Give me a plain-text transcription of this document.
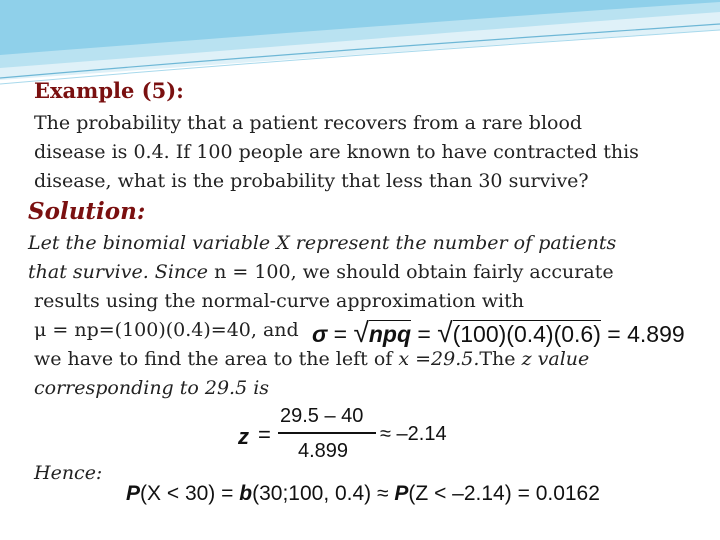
Example (5):
The probability that a patient recovers from a rare blood
disease is 0.4. If 100 people are known to have contracted this
disease, what is the probability that less than 30 survive?
Solution:
Let the binomial variable X represent the number of patients
that survive. Since n = 100, we should obtain fairly accurate
results using the normal-curve approximation with
μ = np=(100)(0.4)=40, and σ = √npq = √(100)(0.4)(0.6) = 4.899
we have to find the area to the left of x =29.5.The z value
corresponding to 29.5 is
z =
29.5 – 40
4.899
≈ –2.14
Hence:
P(X < 30) = b(30;100, 0.4) ≈ P(Z < –2.14) = 0.0162
